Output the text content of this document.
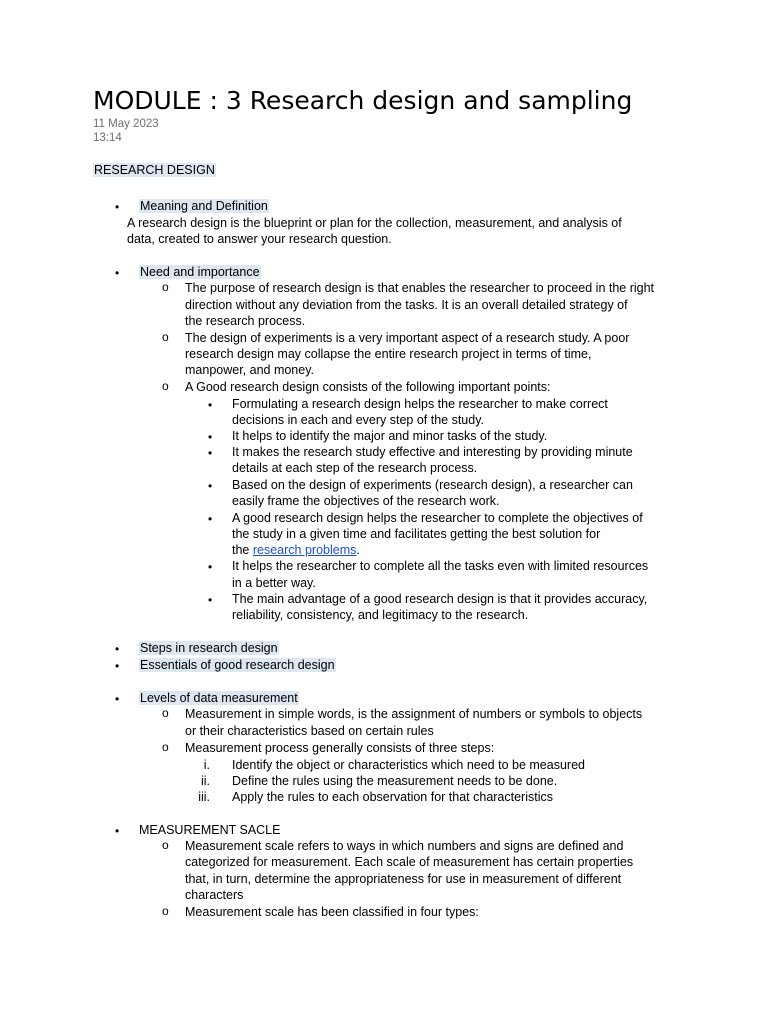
MODULE : 3 Research design and sampling
11 May 2023
13:14
RESEARCH DESIGN
• Meaning and Definition
A research design is the blueprint or plan for the collection, measurement, and analysis of
data, created to answer your research question.
• Need and importance
o The purpose of research design is that enables the researcher to proceed in the right
direction without any deviation from the tasks. It is an overall detailed strategy of
the research process.
o The design of experiments is a very important aspect of a research study. A poor
research design may collapse the entire research project in terms of time,
manpower, and money.
o A Good research design consists of the following important points:
• Formulating a research design helps the researcher to make correct
decisions in each and every step of the study.
• It helps to identify the major and minor tasks of the study.
• It makes the research study effective and interesting by providing minute
details at each step of the research process.
• Based on the design of experiments (research design), a researcher can
easily frame the objectives of the research work.
• A good research design helps the researcher to complete the objectives of
the study in a given time and facilitates getting the best solution for
the research problems.
• It helps the researcher to complete all the tasks even with limited resources
in a better way.
• The main advantage of a good research design is that it provides accuracy,
reliability, consistency, and legitimacy to the research.
• Steps in research design
• Essentials of good research design
• Levels of data measurement
o Measurement in simple words, is the assignment of numbers or symbols to objects
or their characteristics based on certain rules
o Measurement process generally consists of three steps:
i. Identify the object or characteristics which need to be measured
ii. Define the rules using the measurement needs to be done.
iii. Apply the rules to each observation for that characteristics
• MEASUREMENT SACLE
o Measurement scale refers to ways in which numbers and signs are defined and
categorized for measurement. Each scale of measurement has certain properties
that, in turn, determine the appropriateness for use in measurement of different
characters
o Measurement scale has been classified in four types:
